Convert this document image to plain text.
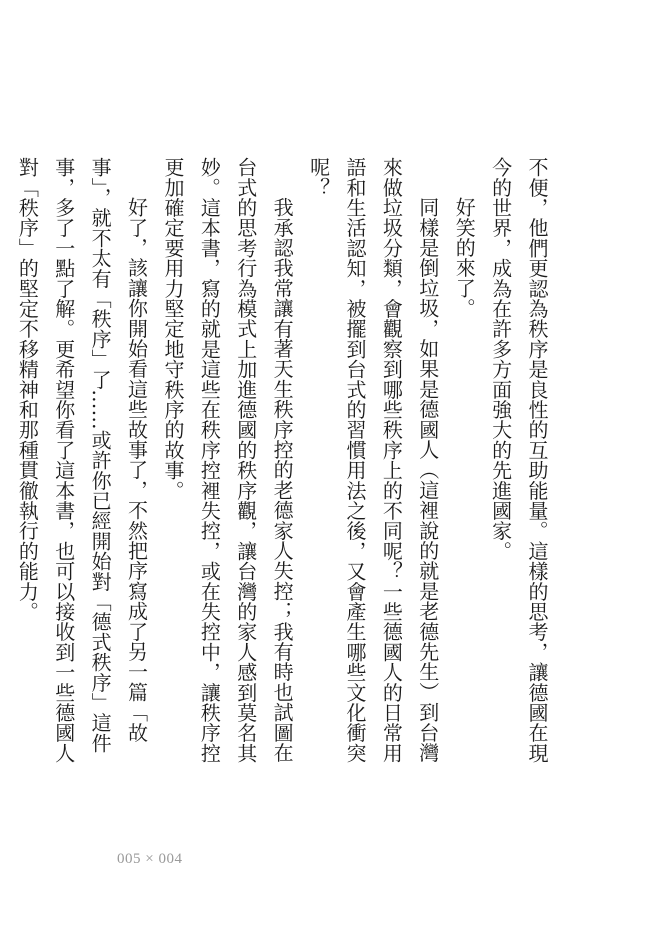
不便，他們更認為秩序是良性的互助能量。這樣的思考，讓德國在現今的世界，成為在許多方面強大的先進國家。

好笑的來了。

同樣是倒垃圾，如果是德國人（這裡說的就是老德先生）到台灣來做垃圾分類，會觀察到哪些秩序上的不同呢？一些德國人的日常用語和生活認知，被擺到台式的習慣用法之後，又會產生哪些文化衝突呢？

我承認我常讓有著天生秩序控的老德家人失控；我有時也試圖在台式的思考行為模式上加進德國的秩序觀，讓台灣的家人感到莫名其妙。這本書，寫的就是這些在秩序控裡失控，或在失控中，讓秩序控更加確定要用力堅定地守秩序的故事。

好了，該讓你開始看這些故事了，不然把序寫成了另一篇「故事」，就不太有「秩序」了……或許你已經開始對「德式秩序」這件事，多了一點了解。更希望你看了這本書，也可以接收到一些德國人對「秩序」的堅定不移精神和那種貫徹執行的能力。

005 × 004
